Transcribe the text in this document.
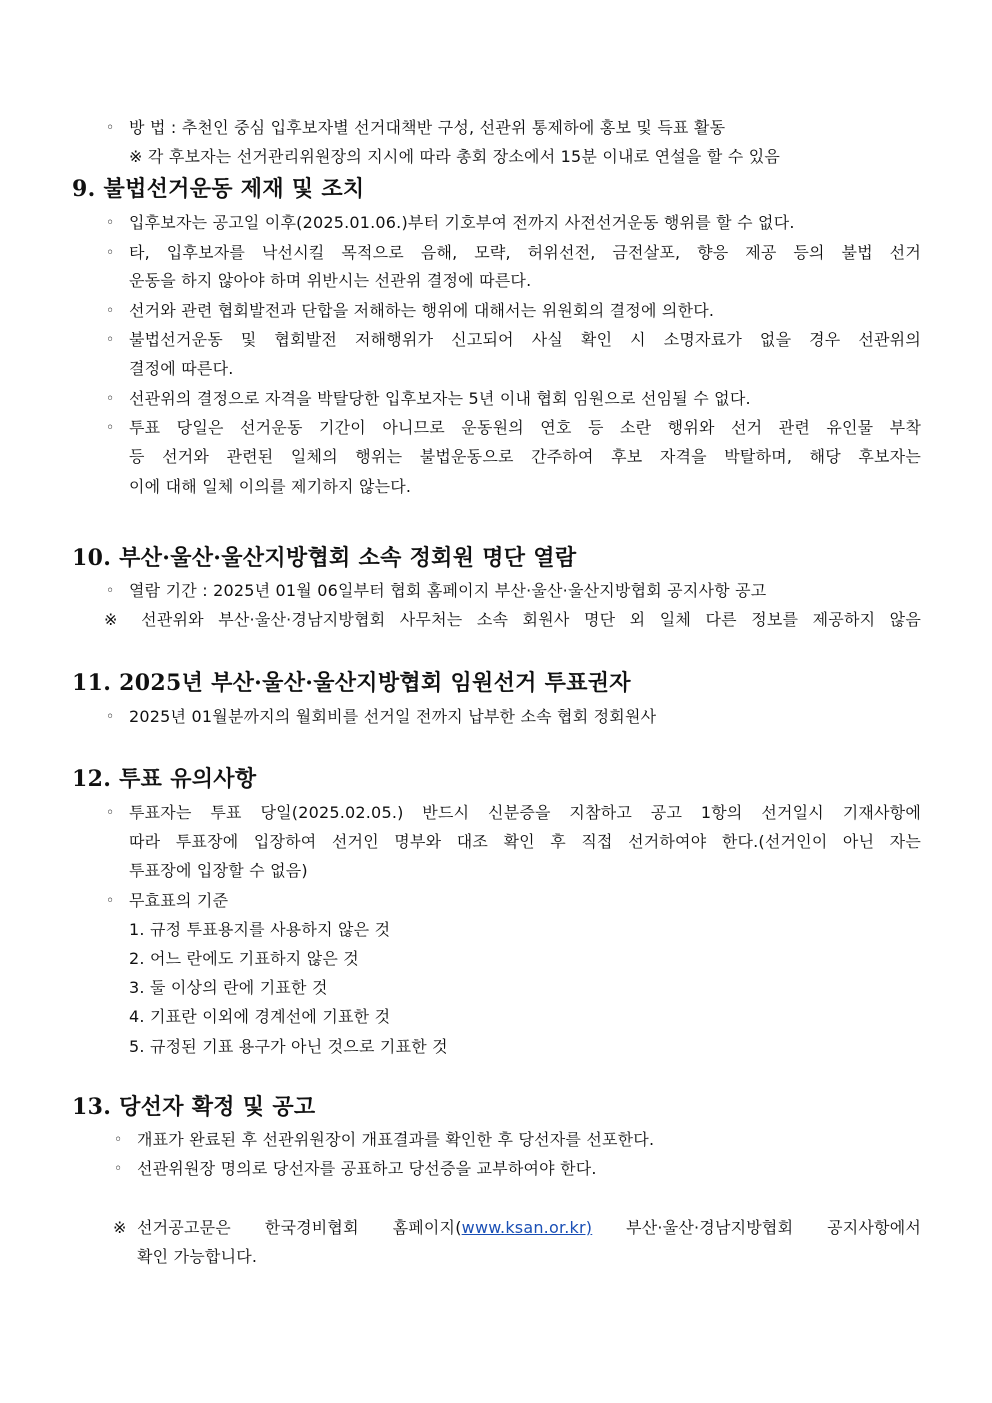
◦ 방 법 : 추천인 중심 입후보자별 선거대책반 구성, 선관위 통제하에 홍보 및 득표 활동
※ 각 후보자는 선거관리위원장의 지시에 따라 총회 장소에서 15분 이내로 연설을 할 수 있음
9. 불법선거운동 제재 및 조치
◦ 입후보자는 공고일 이후(2025.01.06.)부터 기호부여 전까지 사전선거운동 행위를 할 수 없다.
◦ 타, 입후보자를 낙선시킬 목적으로 음해, 모략, 허위선전, 금전살포, 향응 제공 등의 불법 선거
운동을 하지 않아야 하며 위반시는 선관위 결정에 따른다.
◦ 선거와 관련 협회발전과 단합을 저해하는 행위에 대해서는 위원회의 결정에 의한다.
◦ 불법선거운동 및 협회발전 저해행위가 신고되어 사실 확인 시 소명자료가 없을 경우 선관위의
결정에 따른다.
◦ 선관위의 결정으로 자격을 박탈당한 입후보자는 5년 이내 협회 임원으로 선임될 수 없다.
◦ 투표 당일은 선거운동 기간이 아니므로 운동원의 연호 등 소란 행위와 선거 관련 유인물 부착
등 선거와 관련된 일체의 행위는 불법운동으로 간주하여 후보 자격을 박탈하며, 해당 후보자는
이에 대해 일체 이의를 제기하지 않는다.
10. 부산·울산·울산지방협회 소속 정회원 명단 열람
◦ 열람 기간 : 2025년 01월 06일부터 협회 홈페이지 부산·울산·울산지방협회 공지사항 공고
※ 선관위와 부산·울산·경남지방협회 사무처는 소속 회원사 명단 외 일체 다른 정보를 제공하지 않음
11. 2025년 부산·울산·울산지방협회 임원선거 투표권자
◦ 2025년 01월분까지의 월회비를 선거일 전까지 납부한 소속 협회 정회원사
12. 투표 유의사항
◦ 투표자는 투표 당일(2025.02.05.) 반드시 신분증을 지참하고 공고 1항의 선거일시 기재사항에
따라 투표장에 입장하여 선거인 명부와 대조 확인 후 직접 선거하여야 한다.(선거인이 아닌 자는
투표장에 입장할 수 없음)
◦ 무효표의 기준
1. 규정 투표용지를 사용하지 않은 것
2. 어느 란에도 기표하지 않은 것
3. 둘 이상의 란에 기표한 것
4. 기표란 이외에 경계선에 기표한 것
5. 규정된 기표 용구가 아닌 것으로 기표한 것
13. 당선자 확정 및 공고
◦ 개표가 완료된 후 선관위원장이 개표결과를 확인한 후 당선자를 선포한다.
◦ 선관위원장 명의로 당선자를 공표하고 당선증을 교부하여야 한다.
※ 선거공고문은 한국경비협회 홈페이지(www.ksan.or.kr) 부산·울산·경남지방협회 공지사항에서
확인 가능합니다.
